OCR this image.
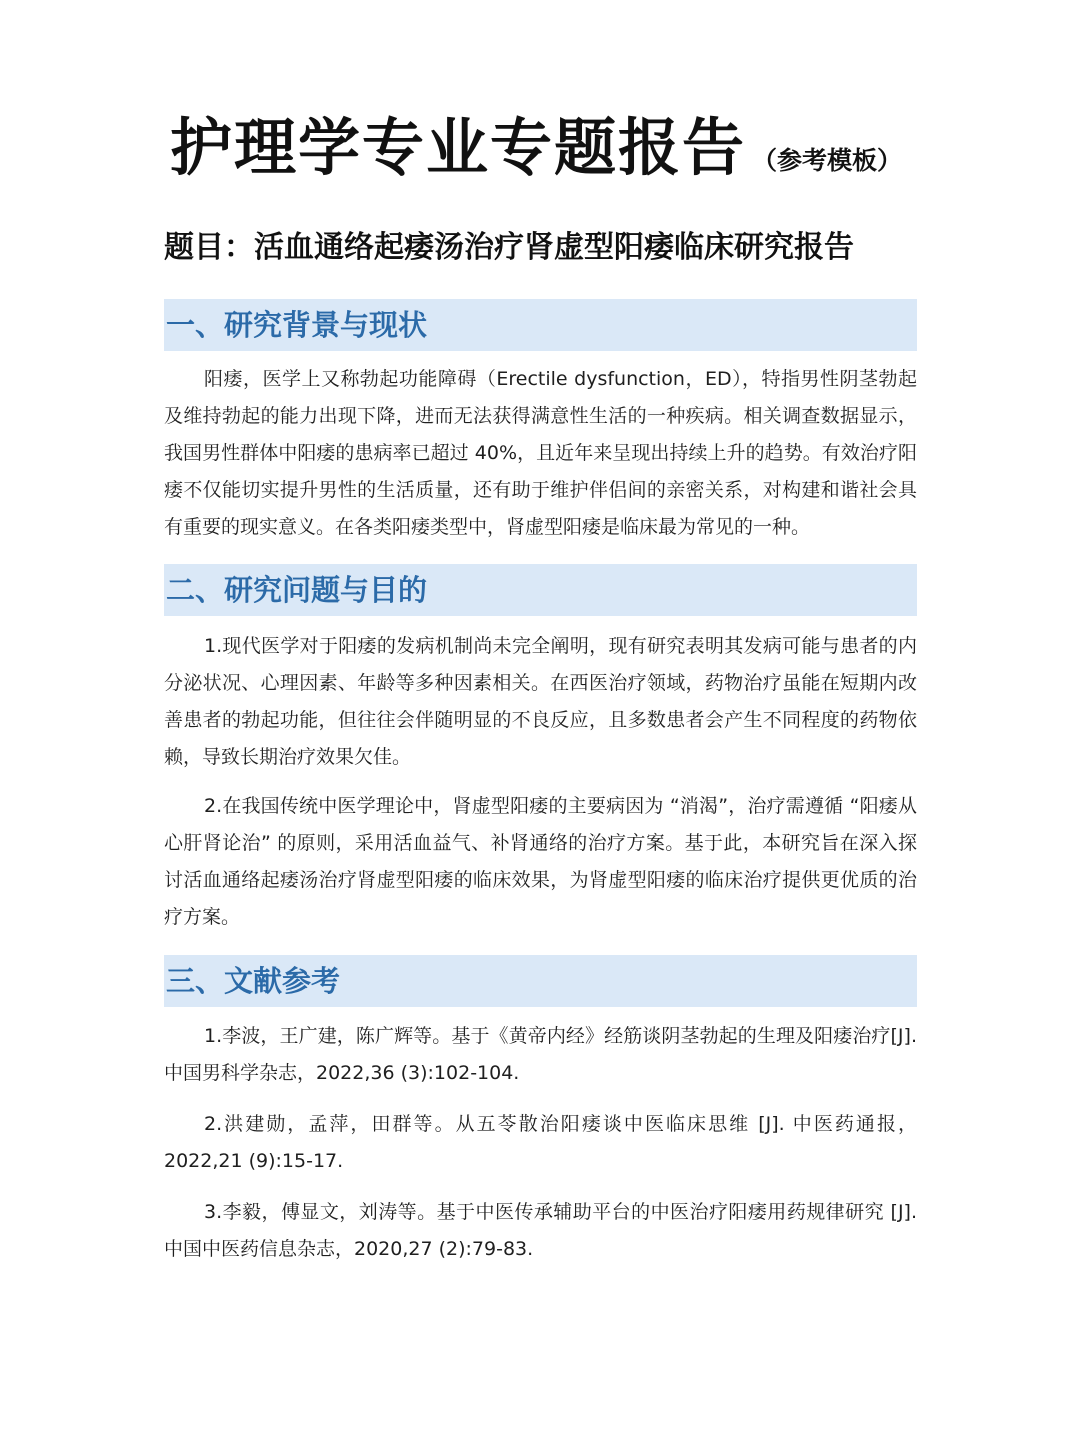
护理学专业专题报告 （参考模板）
题目：活血通络起痿汤治疗肾虚型阳痿临床研究报告
一、研究背景与现状

阳痿，医学上又称勃起功能障碍（Erectile dysfunction，ED），特指男性阴茎勃起及维持勃起的能力出现下降，进而无法获得满意性生活的一种疾病。相关调查数据显示，我国男性群体中阳痿的患病率已超过 40%，且近年来呈现出持续上升的趋势。有效治疗阳痿不仅能切实提升男性的生活质量，还有助于维护伴侣间的亲密关系，对构建和谐社会具有重要的现实意义。在各类阳痿类型中，肾虚型阳痿是临床最为常见的一种。

二、研究问题与目的

1.现代医学对于阳痿的发病机制尚未完全阐明，现有研究表明其发病可能与患者的内分泌状况、心理因素、年龄等多种因素相关。在西医治疗领域，药物治疗虽能在短期内改善患者的勃起功能，但往往会伴随明显的不良反应，且多数患者会产生不同程度的药物依赖，导致长期治疗效果欠佳。

2.在我国传统中医学理论中，肾虚型阳痿的主要病因为 “消渴”，治疗需遵循 “阳痿从心肝肾论治” 的原则，采用活血益气、补肾通络的治疗方案。基于此，本研究旨在深入探讨活血通络起痿汤治疗肾虚型阳痿的临床效果，为肾虚型阳痿的临床治疗提供更优质的治疗方案。

三、文献参考

1.李波，王广建，陈广辉等。基于《黄帝内经》经筋谈阴茎勃起的生理及阳痿治疗[J]. 中国男科学杂志，2022,36 (3):102-104.

2.洪建勋，孟萍，田群等。从五苓散治阳痿谈中医临床思维 [J]. 中医药通报，2022,21 (9):15-17.

3.李毅，傅显文，刘涛等。基于中医传承辅助平台的中医治疗阳痿用药规律研究 [J]. 中国中医药信息杂志，2020,27 (2):79-83.
